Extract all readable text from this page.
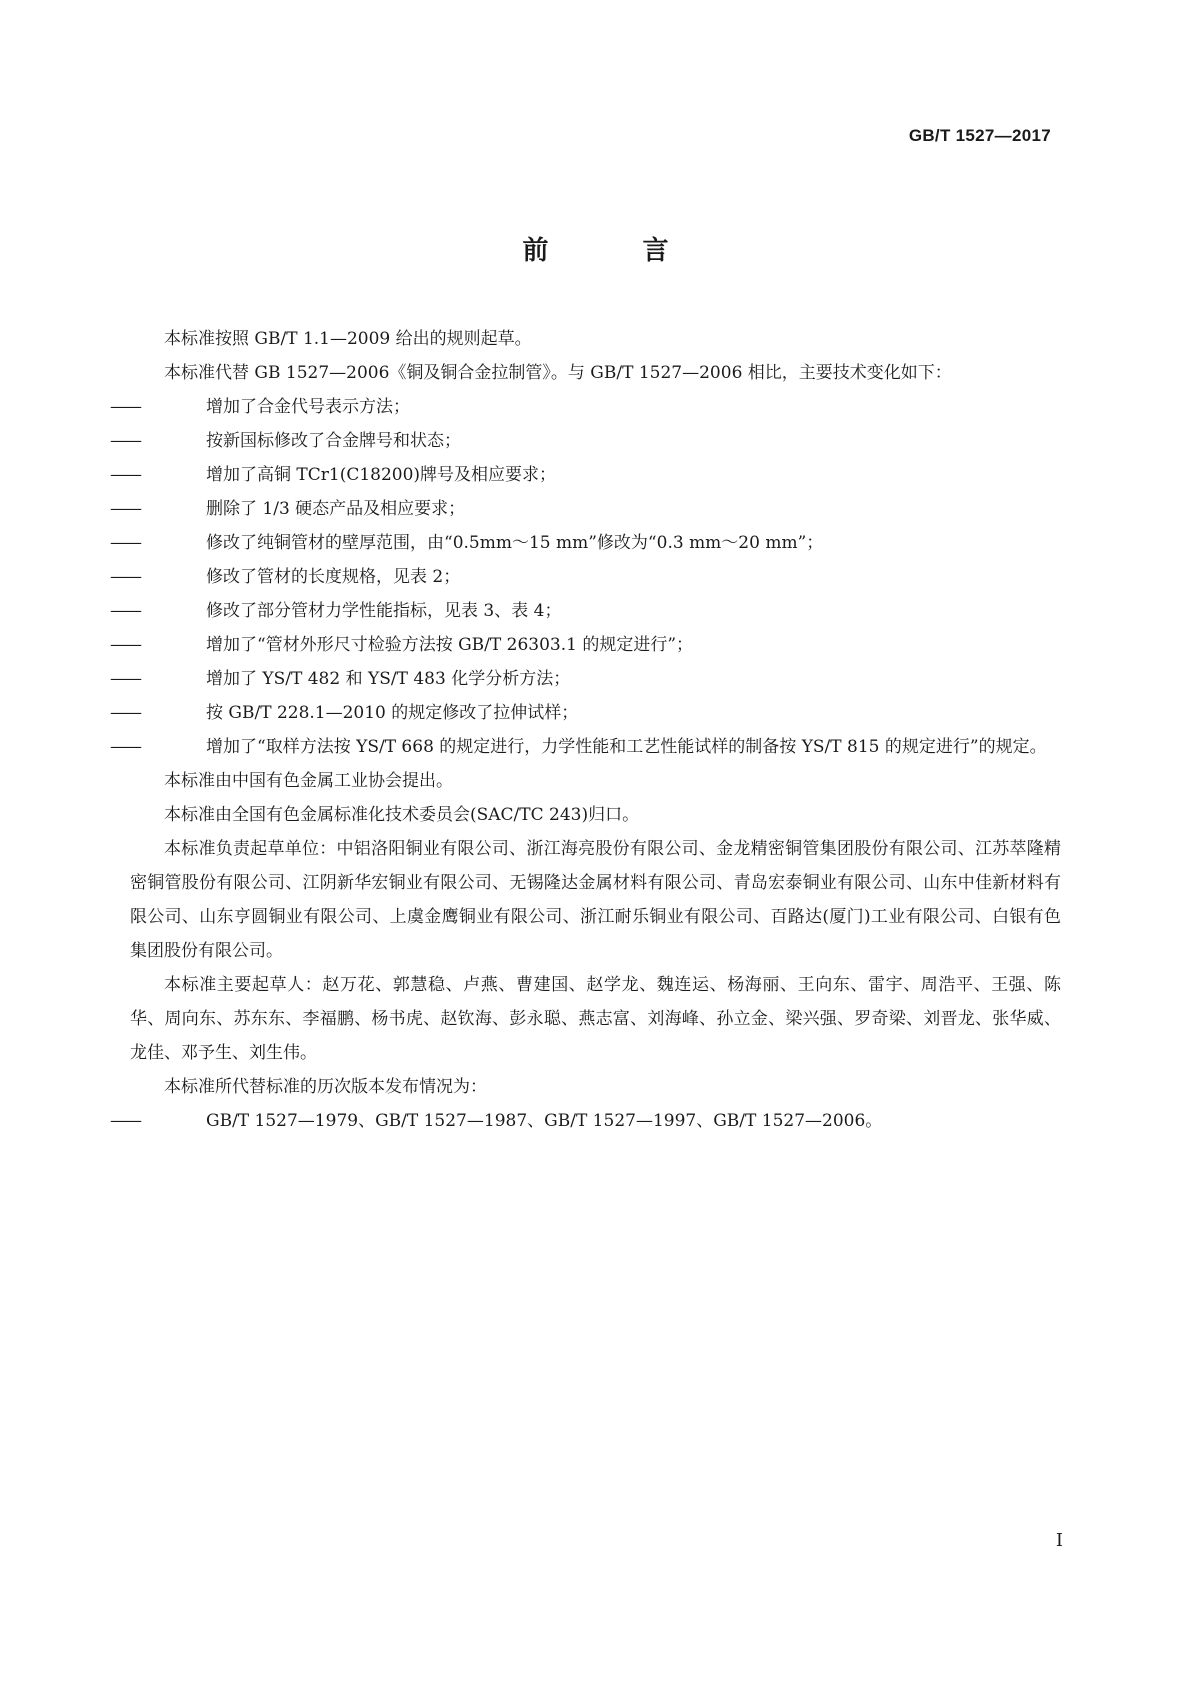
GB/T 1527—2017
前　言

本标准按照 GB/T 1.1—2009 给出的规则起草。

本标准代替 GB 1527—2006《铜及铜合金拉制管》。与 GB/T 1527—2006 相比，主要技术变化如下：

——	增加了合金代号表示方法；

——	按新国标修改了合金牌号和状态；

——	增加了高铜 TCr1(C18200)牌号及相应要求；

——	删除了 1/3 硬态产品及相应要求；

——	修改了纯铜管材的壁厚范围，由“0.5mm～15 mm”修改为“0.3 mm～20 mm”；

——	修改了管材的长度规格，见表 2；

——	修改了部分管材力学性能指标，见表 3、表 4；

——	增加了“管材外形尺寸检验方法按 GB/T 26303.1 的规定进行”；

——	增加了 YS/T 482 和 YS/T 483 化学分析方法；

——	按 GB/T 228.1—2010 的规定修改了拉伸试样；

——	增加了“取样方法按 YS/T 668 的规定进行，力学性能和工艺性能试样的制备按 YS/T 815 的规定进行”的规定。

本标准由中国有色金属工业协会提出。

本标准由全国有色金属标准化技术委员会(SAC/TC 243)归口。

本标准负责起草单位：中铝洛阳铜业有限公司、浙江海亮股份有限公司、金龙精密铜管集团股份有限公司、江苏萃隆精密铜管股份有限公司、江阴新华宏铜业有限公司、无锡隆达金属材料有限公司、青岛宏泰铜业有限公司、山东中佳新材料有限公司、山东亨圆铜业有限公司、上虞金鹰铜业有限公司、浙江耐乐铜业有限公司、百路达(厦门)工业有限公司、白银有色集团股份有限公司。

本标准主要起草人：赵万花、郭慧稳、卢燕、曹建国、赵学龙、魏连运、杨海丽、王向东、雷宇、周浩平、王强、陈华、周向东、苏东东、李福鹏、杨书虎、赵钦海、彭永聪、燕志富、刘海峰、孙立金、梁兴强、罗奇梁、刘晋龙、张华威、龙佳、邓予生、刘生伟。

本标准所代替标准的历次版本发布情况为：

——	GB/T 1527—1979、GB/T 1527—1987、GB/T 1527—1997、GB/T 1527—2006。

I
